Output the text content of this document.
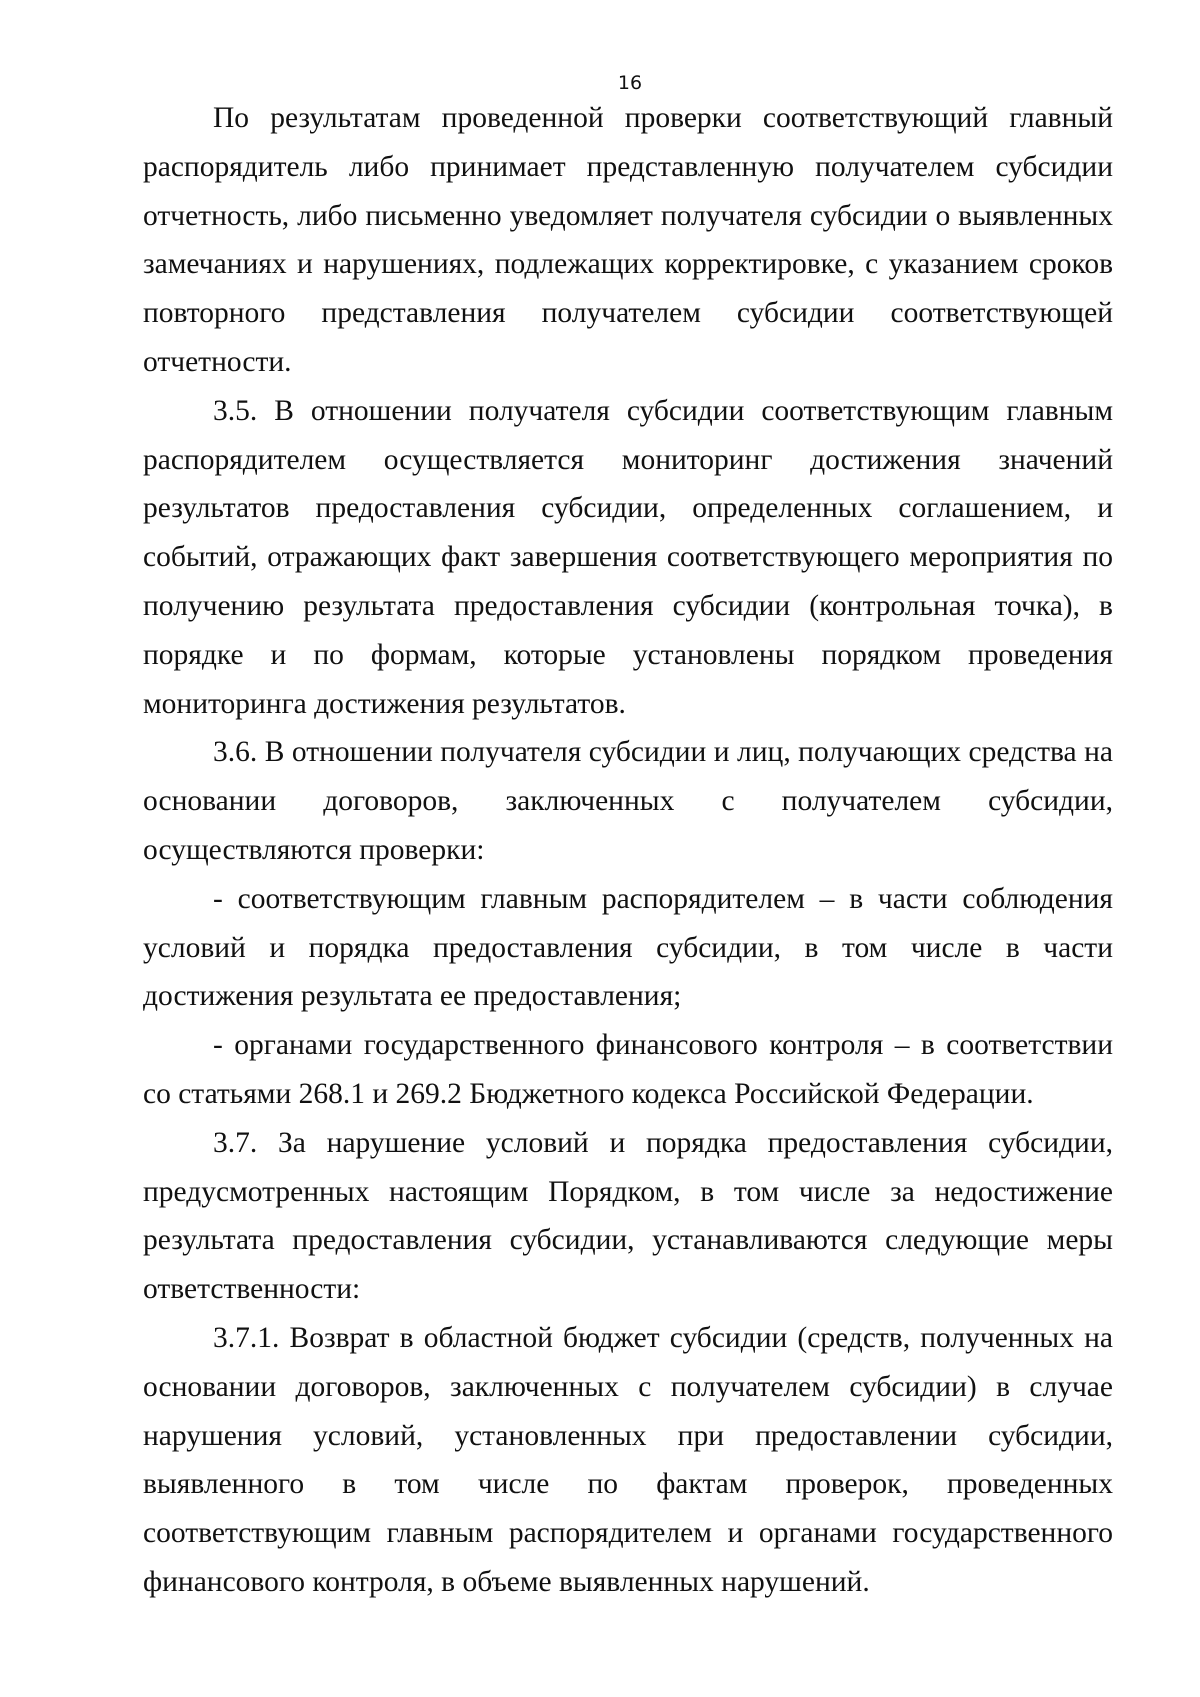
16

По результатам проведенной проверки соответствующий главный распорядитель либо принимает представленную получателем субсидии отчетность, либо письменно уведомляет получателя субсидии о выявленных замечаниях и нарушениях, подлежащих корректировке, с указанием сроков повторного представления получателем субсидии соответствующей отчетности.

3.5. В отношении получателя субсидии соответствующим главным распорядителем осуществляется мониторинг достижения значений результатов предоставления субсидии, определенных соглашением, и событий, отражающих факт завершения соответствующего мероприятия по получению результата предоставления субсидии (контрольная точка), в порядке и по формам, которые установлены порядком проведения мониторинга достижения результатов.

3.6. В отношении получателя субсидии и лиц, получающих средства на основании договоров, заключенных с получателем субсидии, осуществляются проверки:

- соответствующим главным распорядителем – в части соблюдения условий и порядка предоставления субсидии, в том числе в части достижения результата ее предоставления;

- органами государственного финансового контроля – в соответствии со статьями 268.1 и 269.2 Бюджетного кодекса Российской Федерации.

3.7. За нарушение условий и порядка предоставления субсидии, предусмотренных настоящим Порядком, в том числе за недостижение результата предоставления субсидии, устанавливаются следующие меры ответственности:

3.7.1. Возврат в областной бюджет субсидии (средств, полученных на основании договоров, заключенных с получателем субсидии) в случае нарушения условий, установленных при предоставлении субсидии, выявленного в том числе по фактам проверок, проведенных соответствующим главным распорядителем и органами государственного финансового контроля, в объеме выявленных нарушений.
